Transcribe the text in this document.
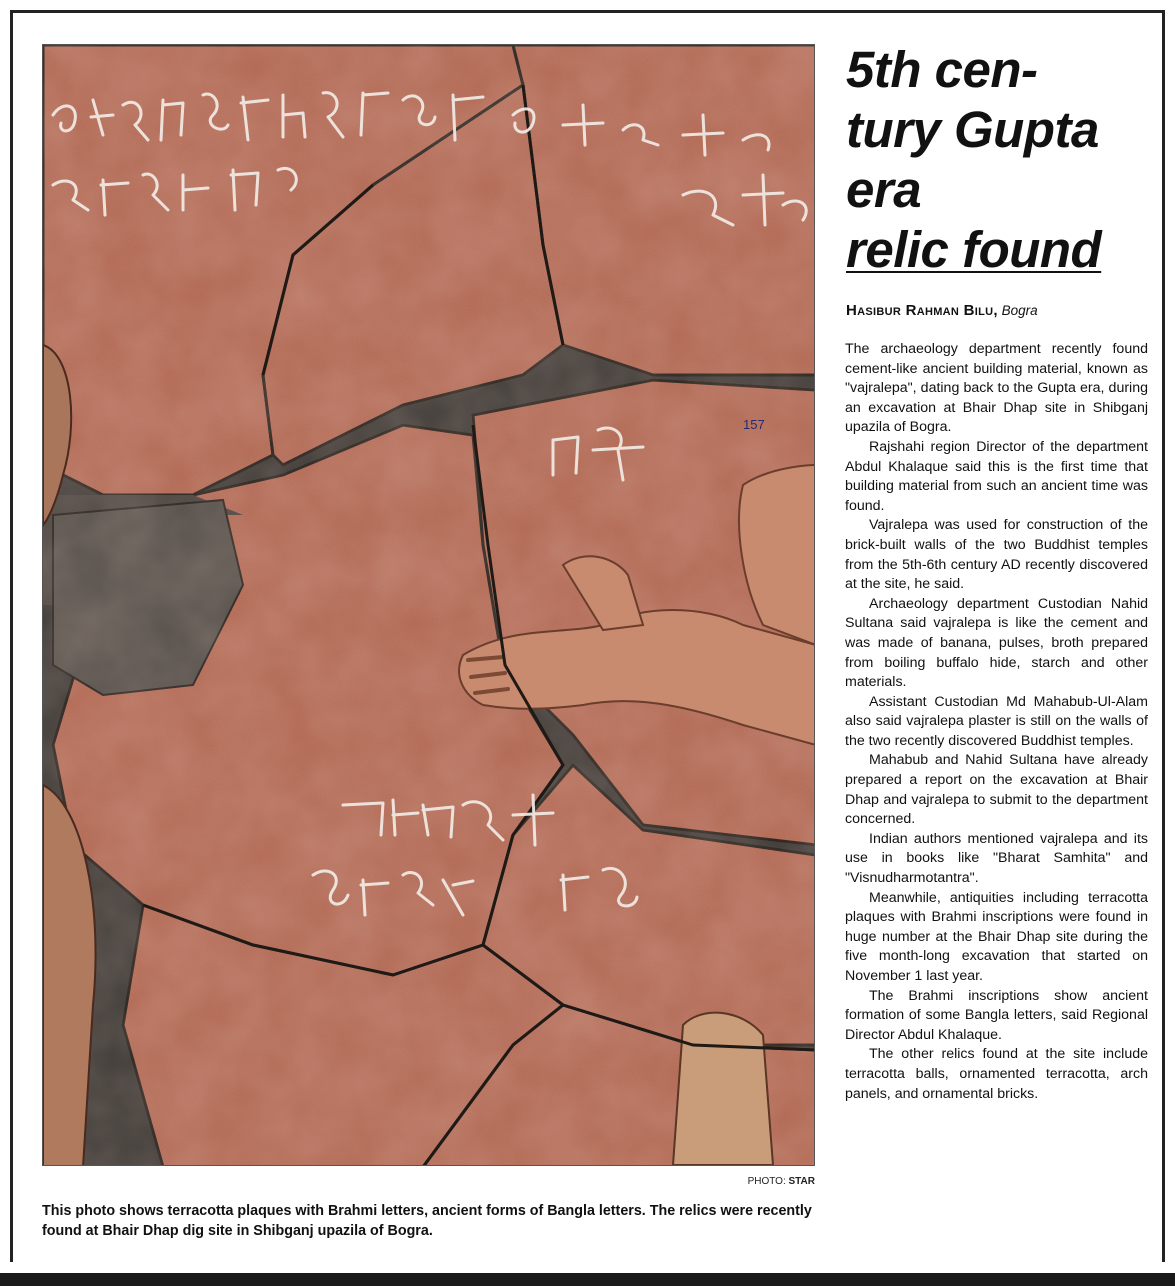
157
PHOTO: STAR
This photo shows terracotta plaques with Brahmi letters, ancient forms of Bangla letters. The relics were recently found at Bhair Dhap dig site in Shibganj upazila of Bogra.
5th cen-
tury Gupta
era
relic found
Hasibur Rahman Bilu, Bogra

The archaeology department recently found cement-like ancient building material, known as "vajralepa", dating back to the Gupta era, during an excavation at Bhair Dhap site in Shibganj upazila of Bogra.

Rajshahi region Director of the department Abdul Khalaque said this is the first time that building material from such an ancient time was found.

Vajralepa was used for construction of the brick-built walls of the two Buddhist temples from the 5th-6th century AD recently discovered at the site, he said.

Archaeology department Custodian Nahid Sultana said vajralepa is like the cement and was made of banana, pulses, broth prepared from boiling buffalo hide, starch and other materials.

Assistant Custodian Md Mahabub-Ul-Alam also said vajralepa plaster is still on the walls of the two recently discovered Buddhist temples.

Mahabub and Nahid Sultana have already prepared a report on the excavation at Bhair Dhap and vajralepa to submit to the department concerned.

Indian authors mentioned vajralepa and its use in books like "Bharat Samhita" and "Visnudharmotantra".

Meanwhile, antiquities including terracotta plaques with Brahmi inscriptions were found in huge number at the Bhair Dhap site during the five month-long excavation that started on November 1 last year.

The Brahmi inscriptions show ancient formation of some Bangla letters, said Regional Director Abdul Khalaque.

The other relics found at the site include terracotta balls, ornamented terracotta, arch panels, and ornamental bricks.
